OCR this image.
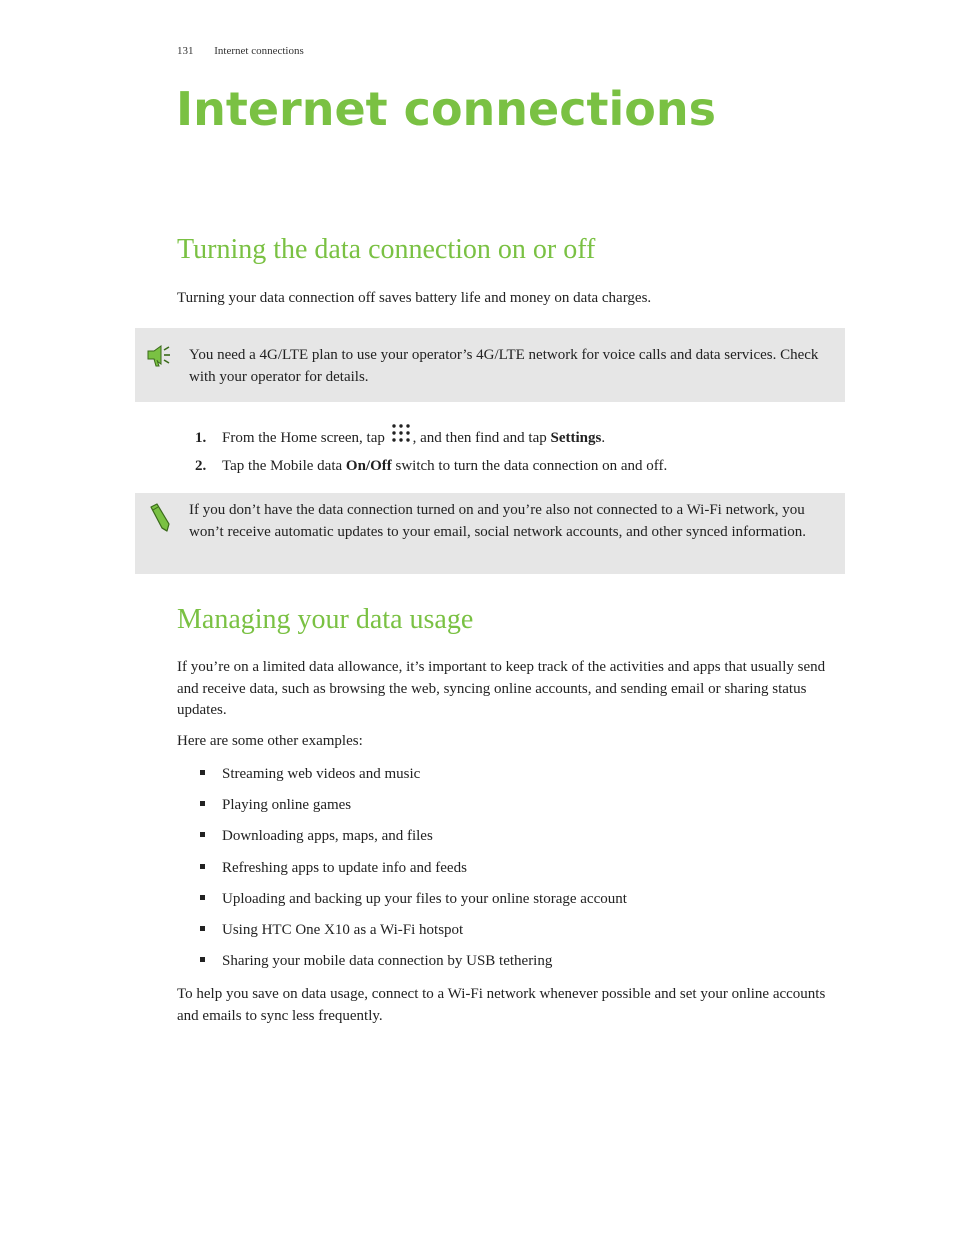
131 Internet connections
Internet connections
Turning the data connection on or off

Turning your data connection off saves battery life and money on data charges.

You need a 4G/LTE plan to use your operator’s 4G/LTE network for voice calls and data services. Check with your operator for details.
1. From the Home screen, tap , and then find and tap Settings.
2. Tap the Mobile data On/Off switch to turn the data connection on and off.
If you don’t have the data connection turned on and you’re also not connected to a Wi-Fi network, you won’t receive automatic updates to your email, social network accounts, and other synced information.
Managing your data usage

If you’re on a limited data allowance, it’s important to keep track of the activities and apps that usually send and receive data, such as browsing the web, syncing online accounts, and sending email or sharing status updates.

Here are some other examples:

Streaming web videos and music
Playing online games
Downloading apps, maps, and files
Refreshing apps to update info and feeds
Uploading and backing up your files to your online storage account
Using HTC One X10 as a Wi-Fi hotspot
Sharing your mobile data connection by USB tethering

To help you save on data usage, connect to a Wi-Fi network whenever possible and set your online accounts and emails to sync less frequently.
